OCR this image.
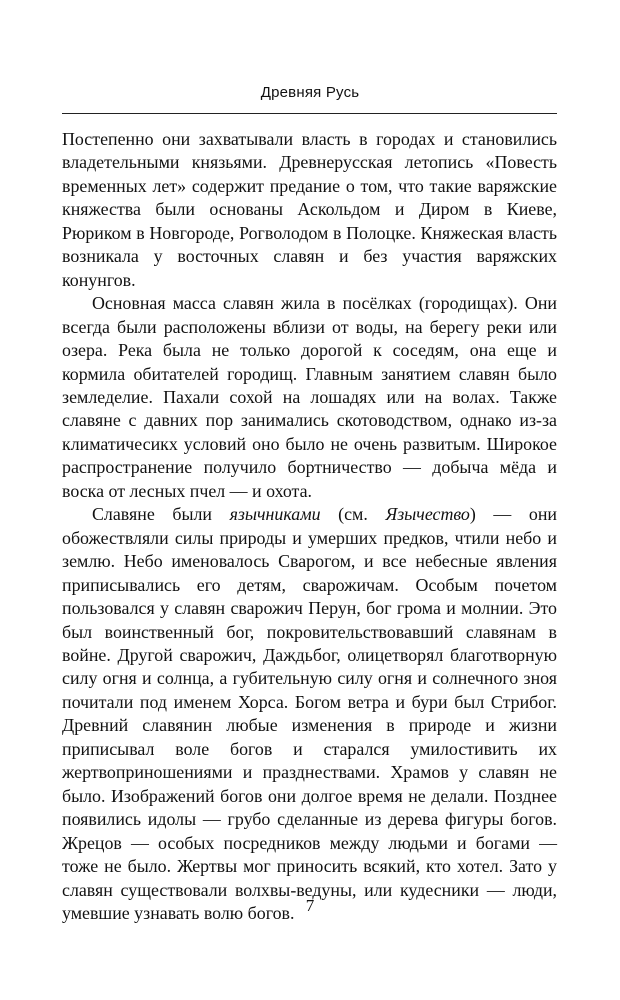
Древняя Русь

Постепенно они захватывали власть в городах и становились владетельными князьями. Древнерусская летопись «Повесть временных лет» содержит предание о том, что такие варяжские княжества были основаны Аскольдом и Диром в Киеве, Рюриком в Новгороде, Рогволодом в Полоцке. Княжеская власть возникала у восточных славян и без участия варяжских конунгов.

Основная масса славян жила в посёлках (городищах). Они всегда были расположены вблизи от воды, на берегу реки или озера. Река была не только дорогой к соседям, она еще и кормила обитателей городищ. Главным занятием славян было земледелие. Пахали сохой на лошадях или на волах. Также славяне с давних пор занимались скотоводством, однако из-за климатичесикх условий оно было не очень развитым. Широкое распространение получило бортничество — добыча мёда и воска от лесных пчел — и охота.

Славяне были язычниками (см. Язычество) — они обожествляли силы природы и умерших предков, чтили небо и землю. Небо именовалось Сварогом, и все небесные явления приписывались его детям, сварожичам. Особым почетом пользовался у славян сварожич Перун, бог грома и молнии. Это был воинственный бог, покровительствовавший славянам в войне. Другой сварожич, Даждьбог, олицетворял благотворную силу огня и солнца, а губительную силу огня и солнечного зноя почитали под именем Хорса. Богом ветра и бури был Стрибог. Древний славянин любые изменения в природе и жизни приписывал воле богов и старался умилостивить их жертвоприношениями и празднествами. Храмов у славян не было. Изображений богов они долгое время не делали. Позднее появились идолы — грубо сделанные из дерева фигуры богов. Жрецов — особых посредников между людьми и богами — тоже не было. Жертвы мог приносить всякий, кто хотел. Зато у славян существовали волхвы-ведуны, или кудесники — люди, умевшие узнавать волю богов. 7
